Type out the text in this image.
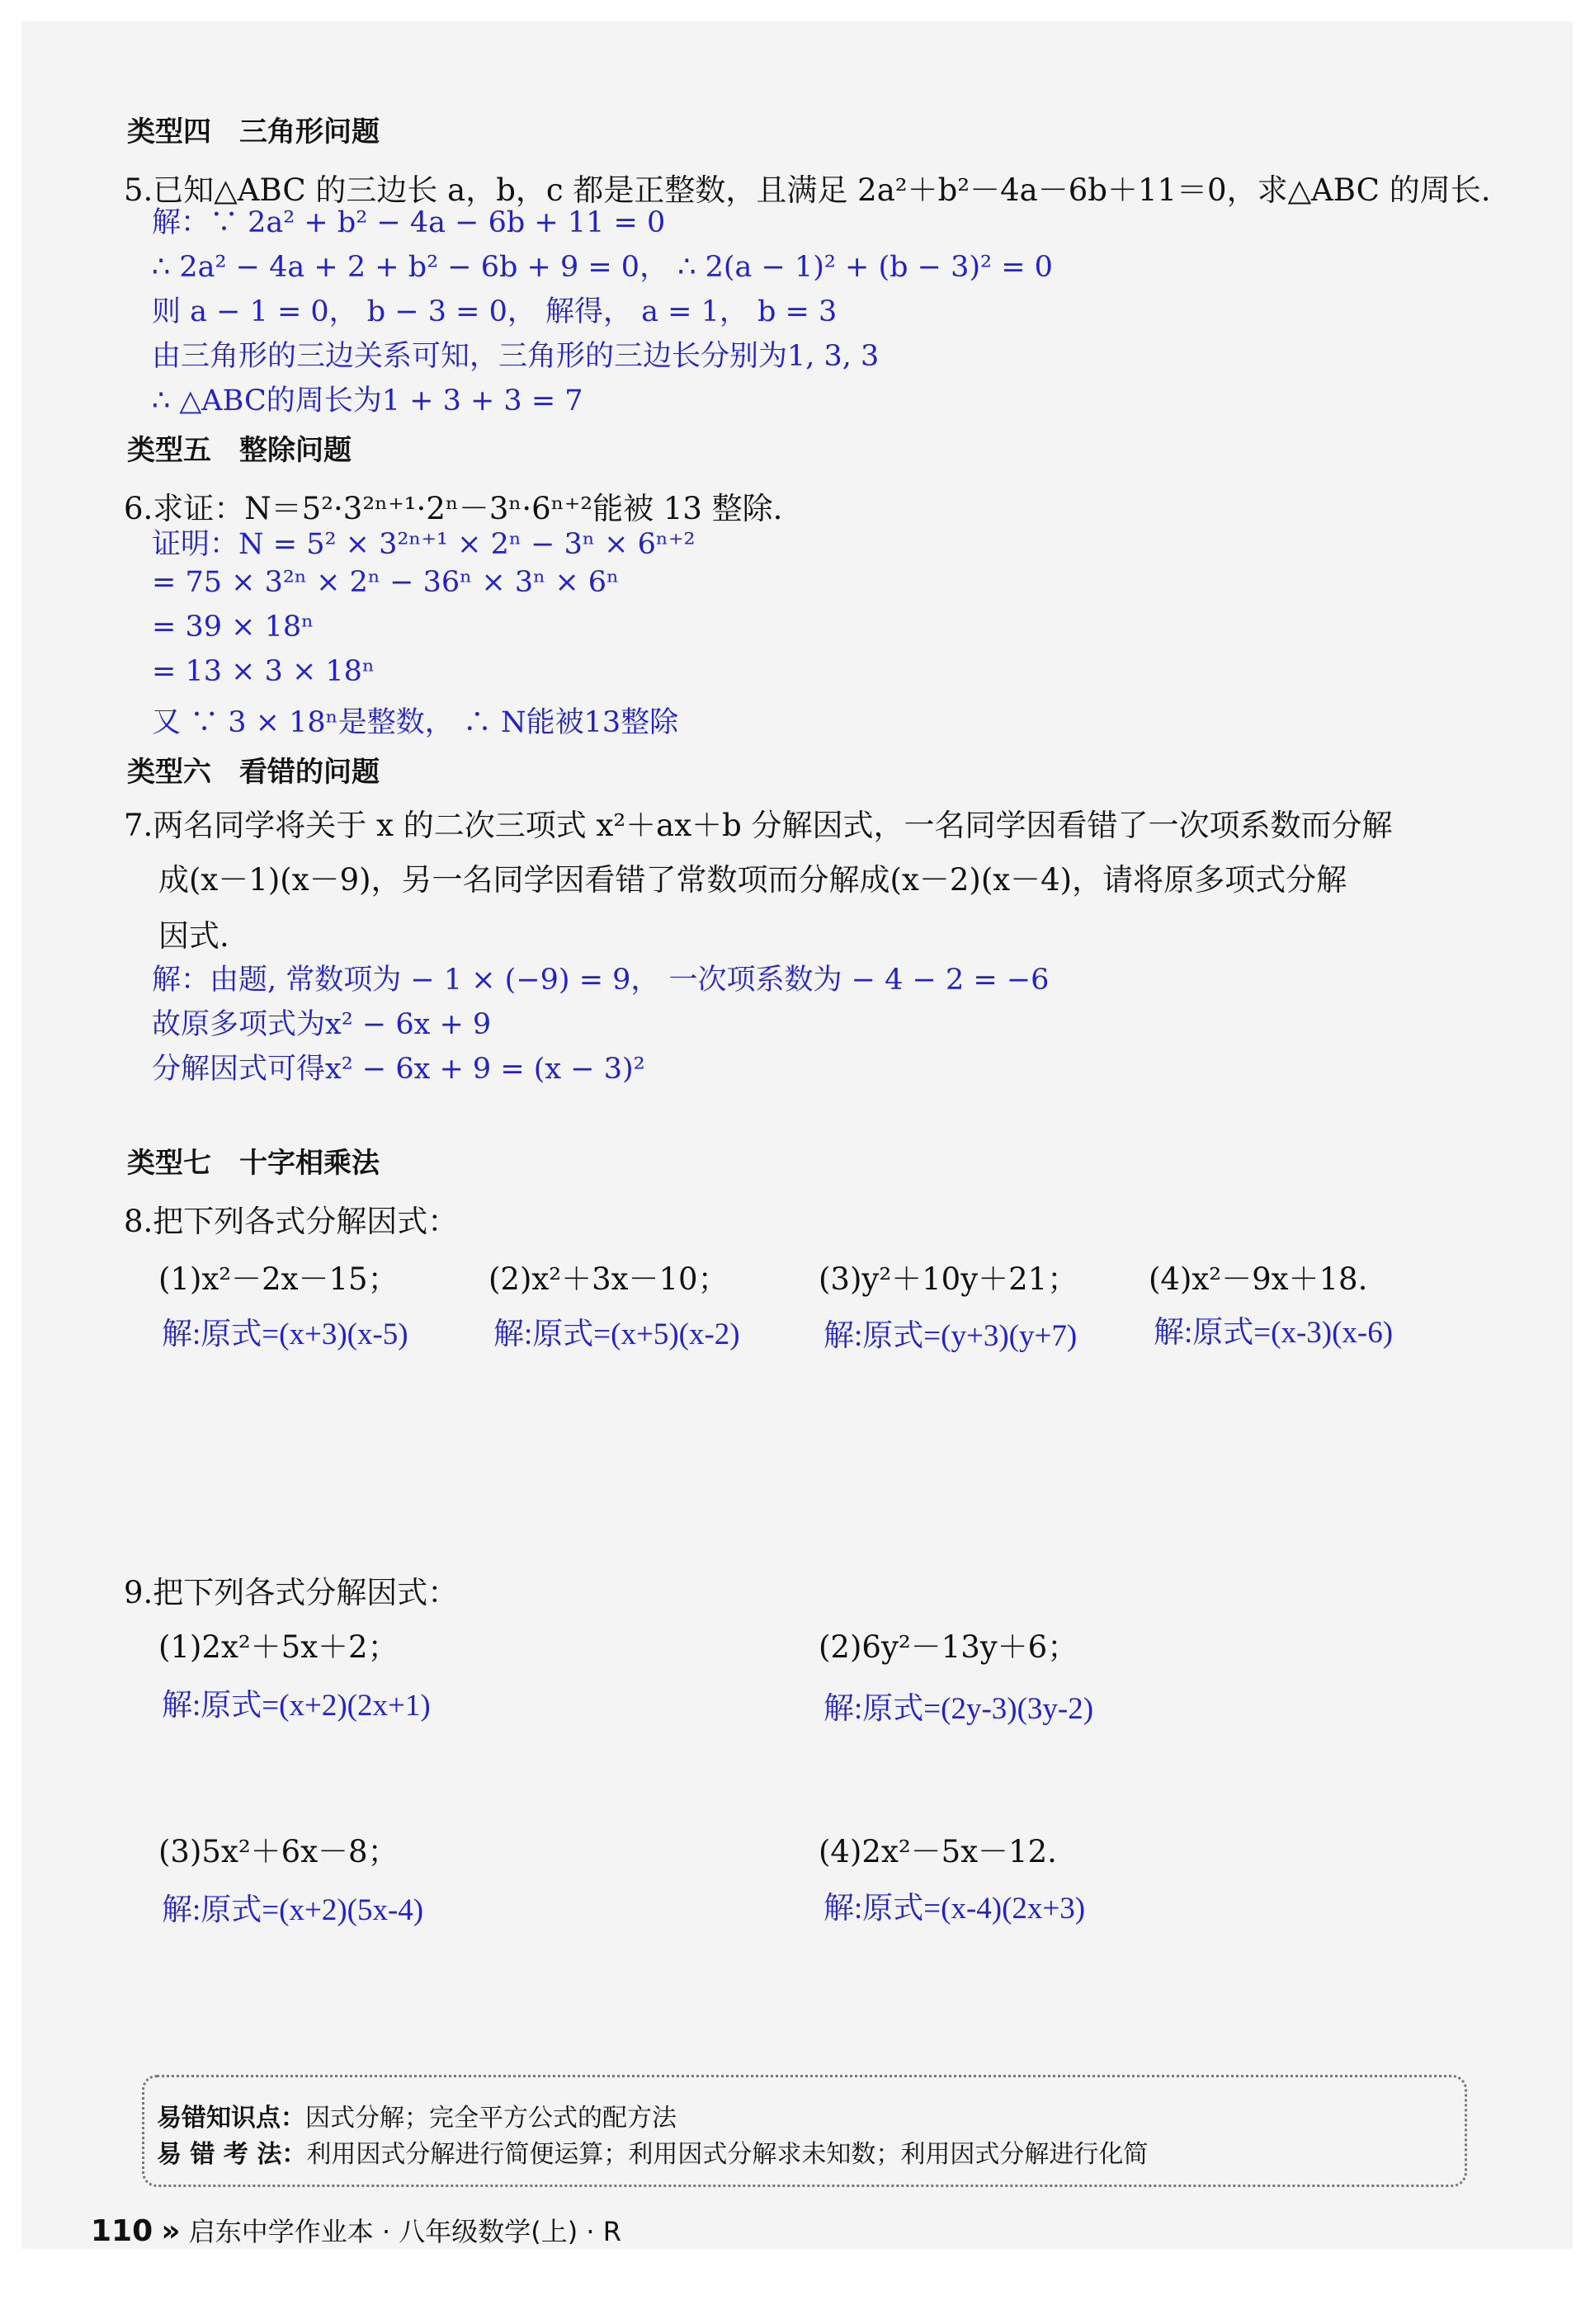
类型四　三角形问题
5.已知△ABC 的三边长 a，b，c 都是正整数，且满足 2a²＋b²－4a－6b＋11＝0，求△ABC 的周长.
解：∵ 2a² + b² − 4a − 6b + 11 = 0
∴ 2a² − 4a + 2 + b² − 6b + 9 = 0， ∴ 2(a − 1)² + (b − 3)² = 0
则 a − 1 = 0， b − 3 = 0， 解得， a = 1， b = 3
由三角形的三边关系可知，三角形的三边长分别为1, 3, 3
∴ △ABC的周长为1 + 3 + 3 = 7
类型五　整除问题
6.求证：N＝5²·3²ⁿ⁺¹·2ⁿ－3ⁿ·6ⁿ⁺²能被 13 整除.
证明：N = 5² × 3²ⁿ⁺¹ × 2ⁿ − 3ⁿ × 6ⁿ⁺²
= 75 × 3²ⁿ × 2ⁿ − 36ⁿ × 3ⁿ × 6ⁿ
= 39 × 18ⁿ
= 13 × 3 × 18ⁿ
又 ∵ 3 × 18ⁿ是整数， ∴ N能被13整除
类型六　看错的问题
7.两名同学将关于 x 的二次三项式 x²＋ax＋b 分解因式，一名同学因看错了一次项系数而分解
成(x－1)(x－9)，另一名同学因看错了常数项而分解成(x－2)(x－4)，请将原多项式分解
因式.
解：由题, 常数项为 − 1 × (−9) = 9， 一次项系数为 − 4 − 2 = −6
故原多项式为x² − 6x + 9
分解因式可得x² − 6x + 9 = (x − 3)²
类型七　十字相乘法
8.把下列各式分解因式：
(1)x²－2x－15；	(2)x²＋3x－10；	(3)y²＋10y＋21； (4)x²－9x＋18.
解:原式=(x+3)(x-5)	解:原式=(x+5)(x-2)	解:原式=(y+3)(y+7)	解:原式=(x-3)(x-6)
9.把下列各式分解因式：
(1)2x²＋5x＋2；	(2)6y²－13y＋6；
解:原式=(x+2)(2x+1)	解:原式=(2y-3)(3y-2)
(3)5x²＋6x－8；	(4)2x²－5x－12.
解:原式=(x+2)(5x-4)	解:原式=(x-4)(2x+3)
易错知识点：因式分解；完全平方公式的配方法
易 错 考 法：利用因式分解进行简便运算；利用因式分解求未知数；利用因式分解进行化简
110 » 启东中学作业本 · 八年级数学(上) · R
